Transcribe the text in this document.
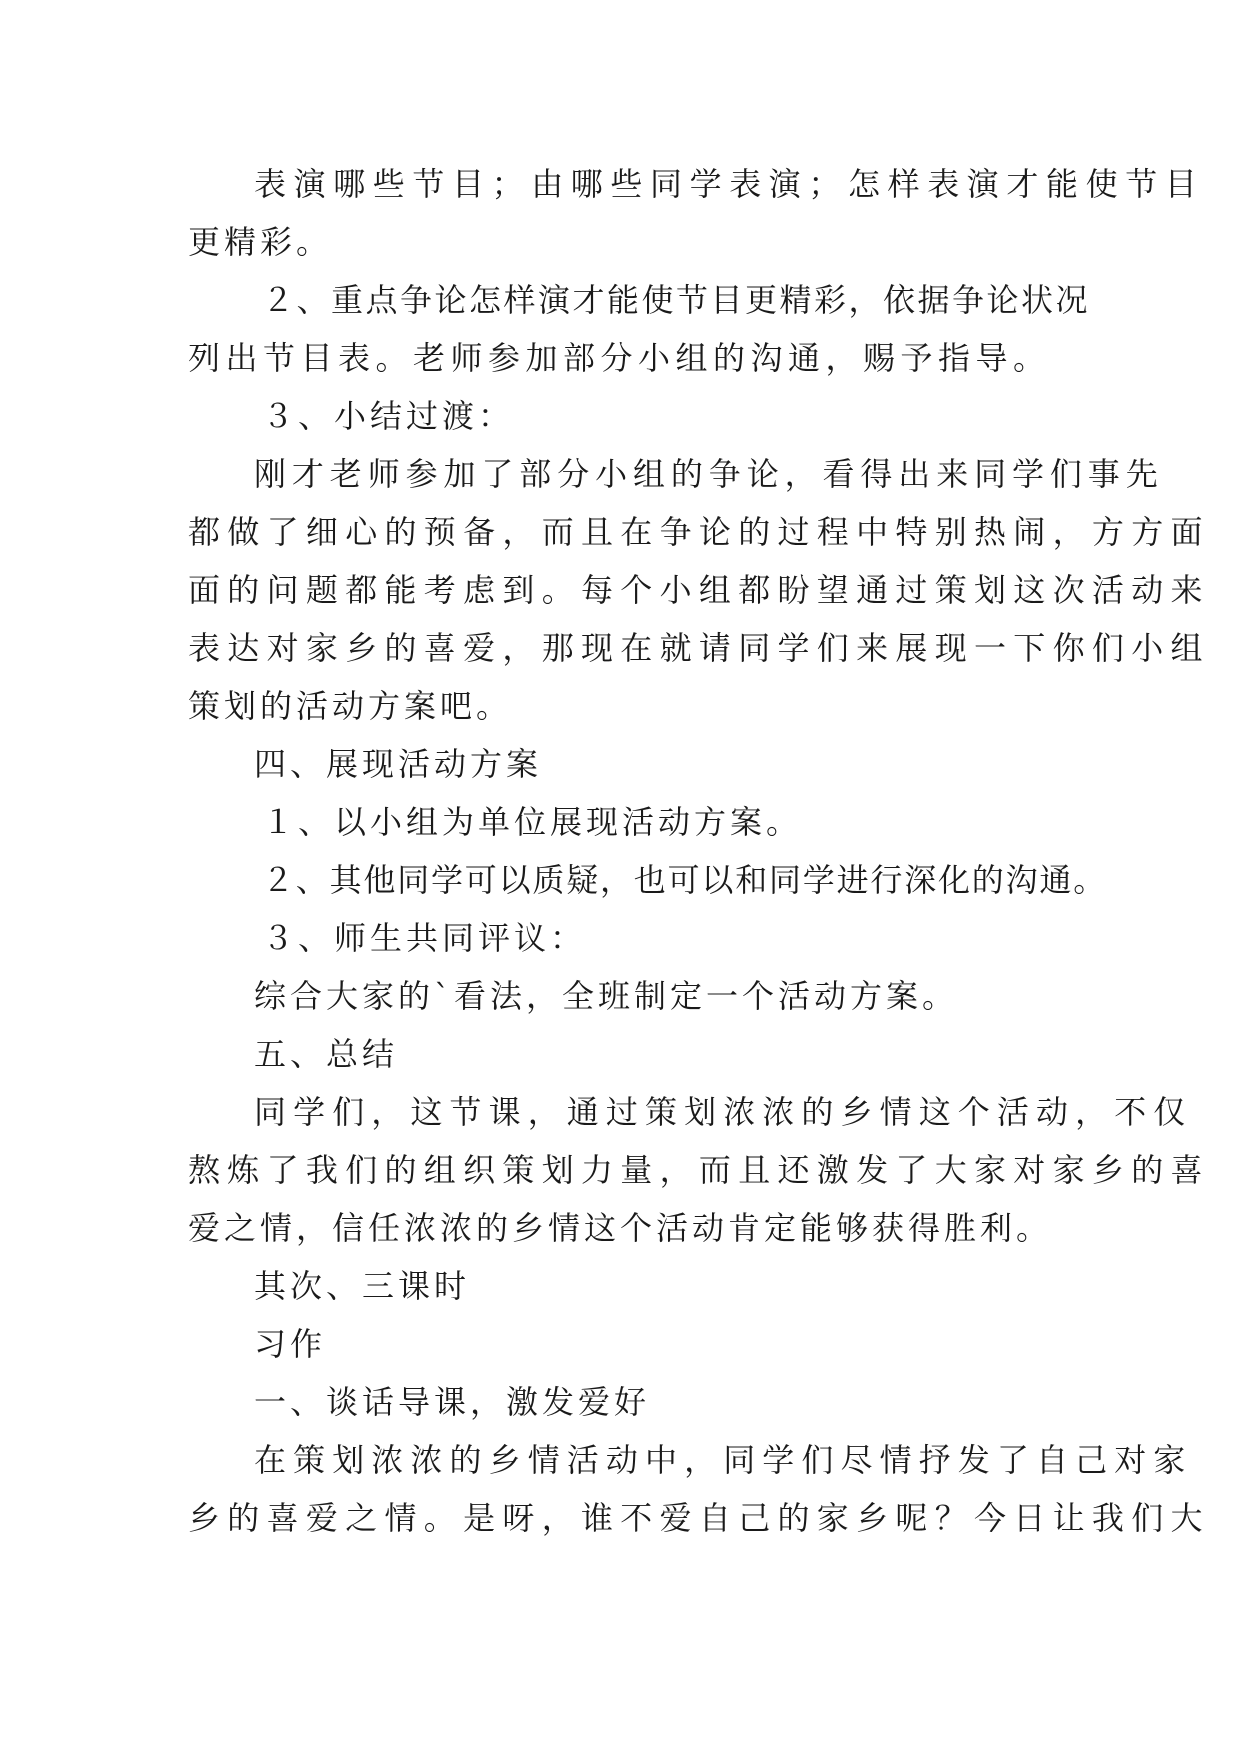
表演哪些节目；由哪些同学表演；怎样表演才能使节目
更精彩。
２、重点争论怎样演才能使节目更精彩，依据争论状况
列出节目表。老师参加部分小组的沟通，赐予指导。
３、小结过渡：
刚才老师参加了部分小组的争论，看得出来同学们事先
都做了细心的预备，而且在争论的过程中特别热闹，方方面
面的问题都能考虑到。每个小组都盼望通过策划这次活动来
表达对家乡的喜爱，那现在就请同学们来展现一下你们小组
策划的活动方案吧。
四、展现活动方案
１、以小组为单位展现活动方案。
２、其他同学可以质疑，也可以和同学进行深化的沟通。
３、师生共同评议：
综合大家的`看法，全班制定一个活动方案。
五、总结
同学们，这节课，通过策划浓浓的乡情这个活动，不仅
熬炼了我们的组织策划力量，而且还激发了大家对家乡的喜
爱之情，信任浓浓的乡情这个活动肯定能够获得胜利。
其次、三课时
习作
一、谈话导课，激发爱好
在策划浓浓的乡情活动中，同学们尽情抒发了自己对家
乡的喜爱之情。是呀，谁不爱自己的家乡呢？今日让我们大
